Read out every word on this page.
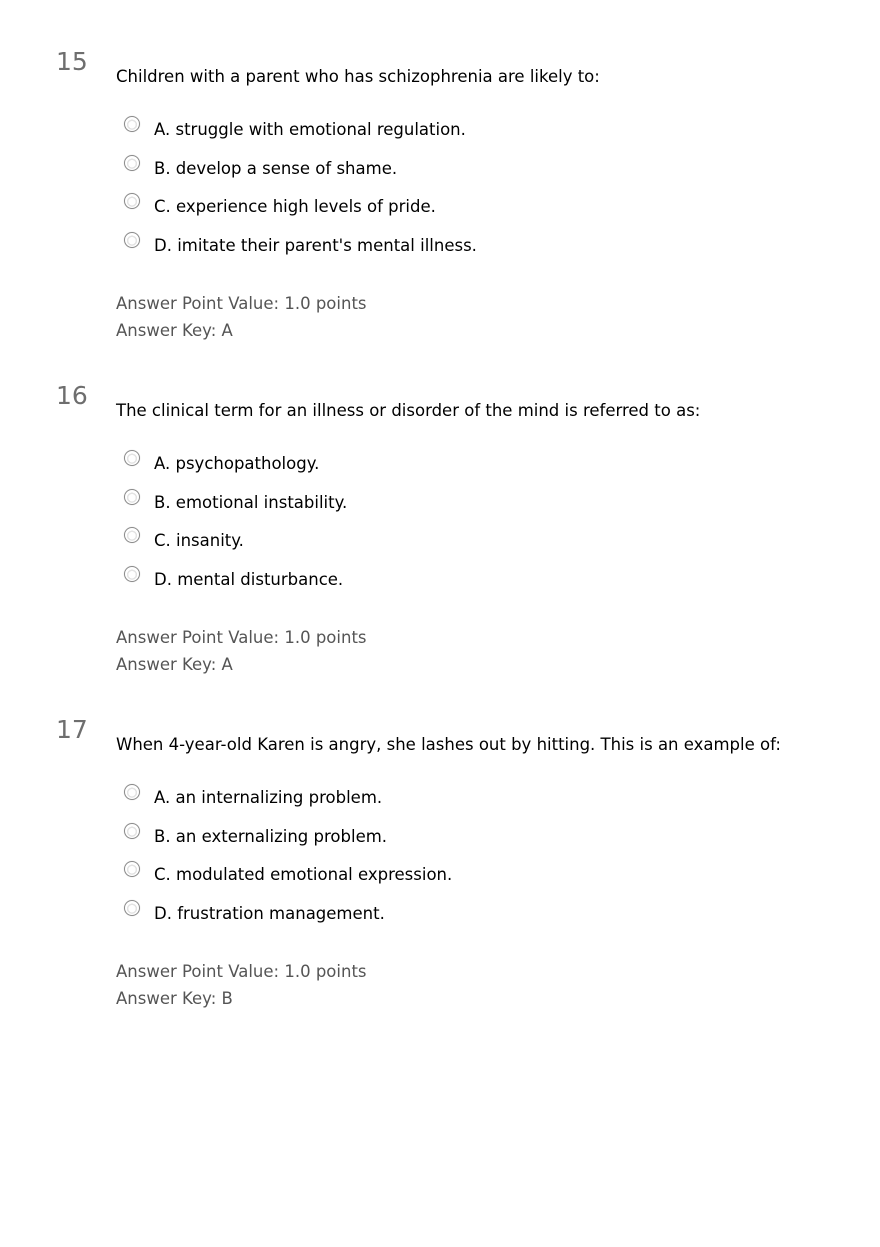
15
Children with a parent who has schizophrenia are likely to:
A. struggle with emotional regulation.
B. develop a sense of shame.
C. experience high levels of pride.
D. imitate their parent's mental illness.
Answer Point Value: 1.0 points
Answer Key: A
16
The clinical term for an illness or disorder of the mind is referred to as:
A. psychopathology.
B. emotional instability.
C. insanity.
D. mental disturbance.
Answer Point Value: 1.0 points
Answer Key: A
17
When 4-year-old Karen is angry, she lashes out by hitting. This is an example of:
A. an internalizing problem.
B. an externalizing problem.
C. modulated emotional expression.
D. frustration management.
Answer Point Value: 1.0 points
Answer Key: B
